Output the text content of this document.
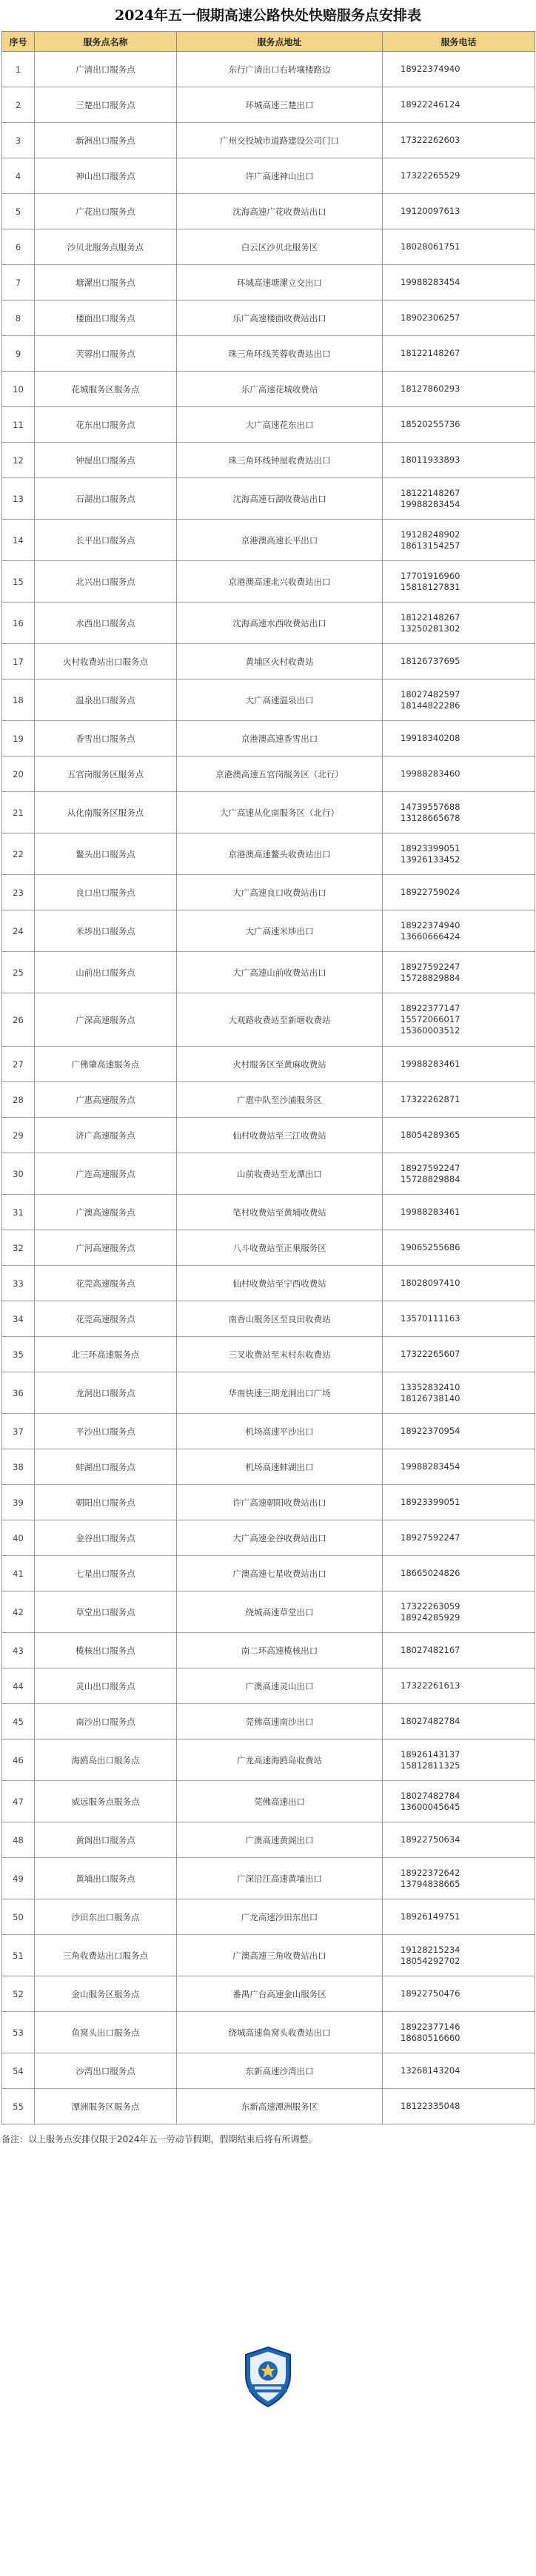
2024年五一假期高速公路快处快赔服务点安排表
序号	服务点名称	服务点地址	服务电话
1	广清出口服务点	东行广清出口右转壤楼路边	18922374940

2	三楚出口服务点	环城高速三楚出口	18922246124

3	新洲出口服务点	广州交投城市道路建设公司门口	17322262603

4	神山出口服务点	许广高速神山出口	17322265529

5	广花出口服务点	沈海高速广花收费站出口	19120097613

6	沙贝北服务点服务点	白云区沙贝北服务区	18028061751

7	塘漯出口服务点	环城高速塘漯立交出口	19988283454

8	楼面出口服务点	乐广高速楼面收费站出口	18902306257

9	芙蓉出口服务点	珠三角环线芙蓉收费站出口	18122148267

10	花城服务区服务点	乐广高速花城收费站	18127860293

11	花东出口服务点	大广高速花东出口	18520255736

12	钟屋出口服务点	珠三角环线钟屋收费站出口	18011933893

13	石湖出口服务点	沈海高速石湖收费站出口	18122148267
19988283454

14	长平出口服务点	京港澳高速长平出口	19128248902
18613154257

15	北兴出口服务点	京港澳高速北兴收费站出口	17701916960
15818127831

16	水西出口服务点	沈海高速水西收费站出口	18122148267
13250281302

17	火村收费站出口服务点	黄埔区火村收费站	18126737695

18	温泉出口服务点	大广高速温泉出口	18027482597
18144822286

19	香雪出口服务点	京港澳高速香雪出口	19918340208

20	五官岗服务区服务点	京港澳高速五官岗服务区（北行）	19988283460

21	从化南服务区服务点	大广高速从化南服务区（北行）	14739557688
13128665678

22	鳌头出口服务点	京港澳高速鳌头收费站出口	18923399051
13926133452

23	良口出口服务点	大广高速良口收费站出口	18922759024

24	米埗出口服务点	大广高速米埗出口	18922374940
13660666424

25	山前出口服务点	大广高速山前收费站出口	18927592247
15728829884

26	广深高速服务点	大观路收费站至新塘收费站	18922377147
15572066017
15360003512

27	广佛肇高速服务点	火村服务区至黄麻收费站	19988283461

28	广惠高速服务点	广惠中队至沙浦服务区	17322262871

29	济广高速服务点	仙村收费站至三江收费站	18054289365

30	广连高速服务点	山前收费站至龙潭出口	18927592247
15728829884

31	广澳高速服务点	笔村收费站至黄埔收费站	19988283461

32	广河高速服务点	八斗收费站至正果服务区	19065255686

33	花莞高速服务点	仙村收费站至宁西收费站	18028097410

34	花莞高速服务点	南香山服务区至良田收费站	13570111163

35	北三环高速服务点	三叉收费站至末村东收费站	17322265607

36	龙洞出口服务点	华南快速三期龙洞出口广场	13352832410
18126738140

37	平沙出口服务点	机场高速平沙出口	18922370954

38	蚌湖出口服务点	机场高速蚌湖出口	19988283454

39	朝阳出口服务点	许广高速朝阳收费站出口	18923399051

40	金谷出口服务点	大广高速金谷收费站出口	18927592247

41	七星出口服务点	广澳高速七星收费站出口	18665024826

42	草堂出口服务点	绕城高速草堂出口	17322263059
18924285929

43	榄核出口服务点	南二环高速榄核出口	18027482167

44	灵山出口服务点	广澳高速灵山出口	17322261613

45	南沙出口服务点	莞佛高速南沙出口	18027482784

46	海鸥岛出口服务点	广龙高速海鸥岛收费站	18926143137
15812811325

47	威远服务点服务点	莞佛高速出口	18027482784
13600045645

48	黄阁出口服务点	广澳高速黄阁出口	18922750634

49	黄埔出口服务点	广深沿江高速黄埔出口	18922372642
13794838665

50	沙田东出口服务点	广龙高速沙田东出口	18926149751

51	三角收费站出口服务点	广澳高速三角收费站出口	19128215234
18054292702

52	金山服务区服务点	番禺广台高速金山服务区	18922750476

53	鱼窝头出口服务点	绕城高速鱼窝头收费站出口	18922377146
18680516660

54	沙湾出口服务点	东新高速沙湾出口	13268143204

55	潭洲服务区服务点	东新高速潭洲服务区	18122335048
备注：以上服务点安排仅限于2024年五一劳动节假期，假期结束后将有所调整。
